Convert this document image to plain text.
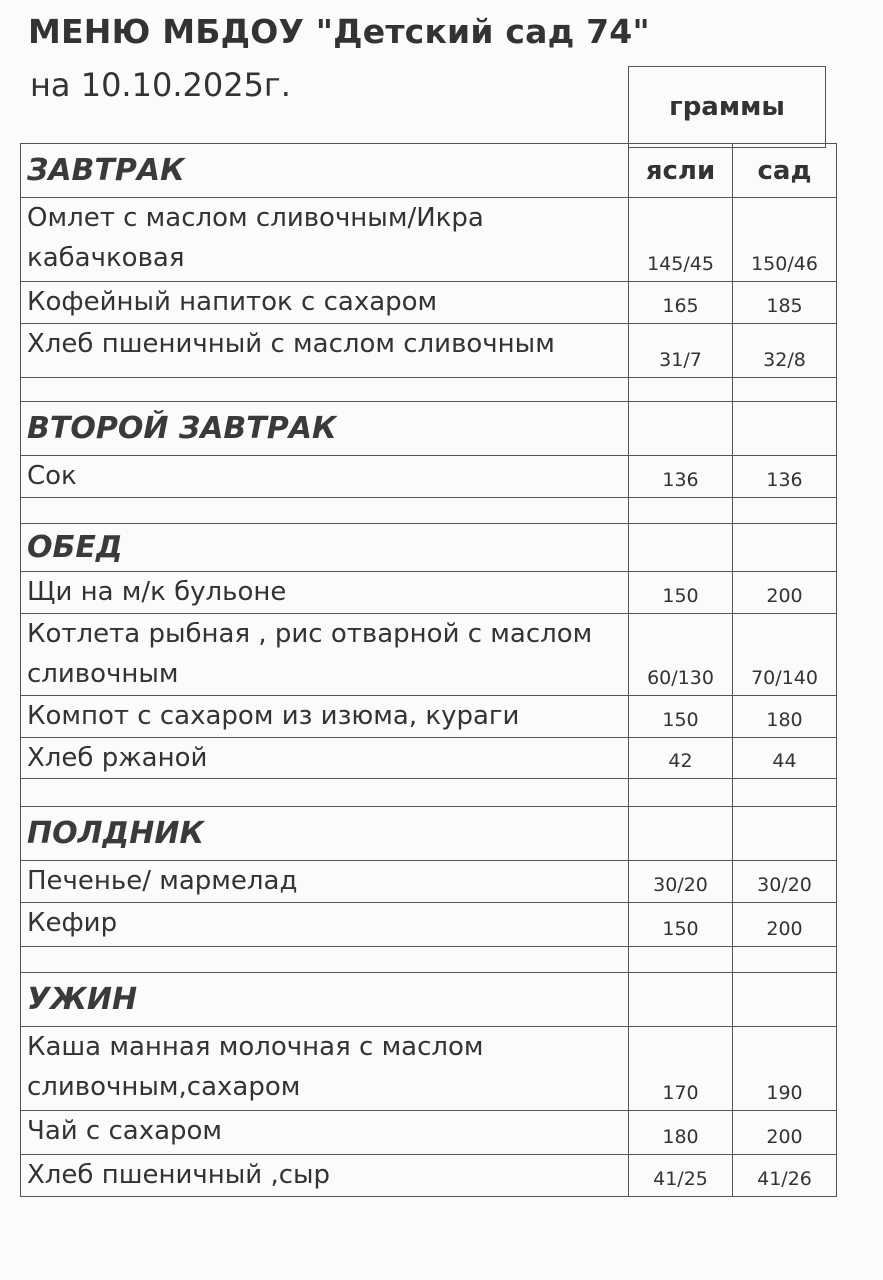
МЕНЮ МБДОУ "Детский сад 74"
на 10.10.2025г.
граммы
ЗАВТРАК	ясли	сад
Омлет с маслом сливочным/Икра кабачковая	145/45	150/46
Кофейный напиток с сахаром	165	185
Хлеб пшеничный с маслом сливочным	31/7	32/8

ВТОРОЙ ЗАВТРАК		
Сок	136	136

ОБЕД		
Щи на м/к бульоне	150	200
Котлета рыбная , рис отварной с маслом сливочным	60/130	70/140
Компот с сахаром из изюма, кураги	150	180
Хлеб ржаной	42	44

ПОЛДНИК		
Печенье/ мармелад	30/20	30/20
Кефир	150	200

УЖИН		
Каша манная молочная с маслом сливочным,сахаром	170	190
Чай с сахаром	180	200
Хлеб пшеничный ,сыр	41/25	41/26
